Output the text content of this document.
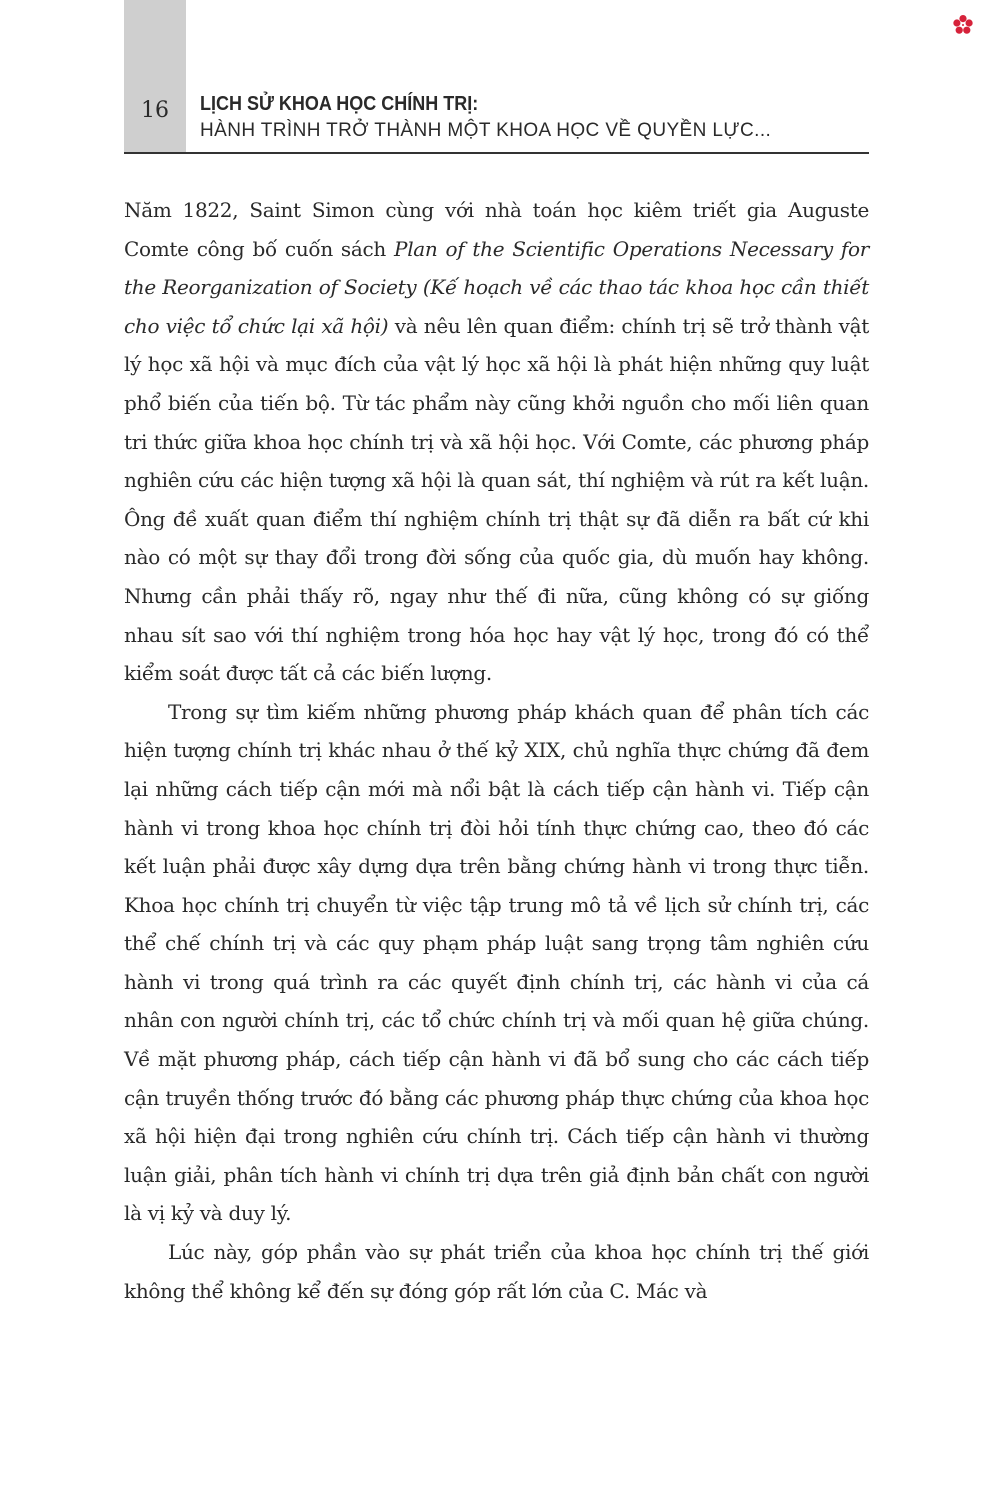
16	LỊCH SỬ KHOA HỌC CHÍNH TRỊ:
HÀNH TRÌNH TRỞ THÀNH MỘT KHOA HỌC VỀ QUYỀN LỰC...

Năm 1822, Saint Simon cùng với nhà toán học kiêm triết gia Auguste Comte công bố cuốn sách Plan of the Scientific Operations Necessary for the Reorganization of Society (Kế hoạch về các thao tác khoa học cần thiết cho việc tổ chức lại xã hội) và nêu lên quan điểm: chính trị sẽ trở thành vật lý học xã hội và mục đích của vật lý học xã hội là phát hiện những quy luật phổ biến của tiến bộ. Từ tác phẩm này cũng khởi nguồn cho mối liên quan tri thức giữa khoa học chính trị và xã hội học. Với Comte, các phương pháp nghiên cứu các hiện tượng xã hội là quan sát, thí nghiệm và rút ra kết luận. Ông đề xuất quan điểm thí nghiệm chính trị thật sự đã diễn ra bất cứ khi nào có một sự thay đổi trong đời sống của quốc gia, dù muốn hay không. Nhưng cần phải thấy rõ, ngay như thế đi nữa, cũng không có sự giống nhau sít sao với thí nghiệm trong hóa học hay vật lý học, trong đó có thể kiểm soát được tất cả các biến lượng.

Trong sự tìm kiếm những phương pháp khách quan để phân tích các hiện tượng chính trị khác nhau ở thế kỷ XIX, chủ nghĩa thực chứng đã đem lại những cách tiếp cận mới mà nổi bật là cách tiếp cận hành vi. Tiếp cận hành vi trong khoa học chính trị đòi hỏi tính thực chứng cao, theo đó các kết luận phải được xây dựng dựa trên bằng chứng hành vi trong thực tiễn. Khoa học chính trị chuyển từ việc tập trung mô tả về lịch sử chính trị, các thể chế chính trị và các quy phạm pháp luật sang trọng tâm nghiên cứu hành vi trong quá trình ra các quyết định chính trị, các hành vi của cá nhân con người chính trị, các tổ chức chính trị và mối quan hệ giữa chúng. Về mặt phương pháp, cách tiếp cận hành vi đã bổ sung cho các cách tiếp cận truyền thống trước đó bằng các phương pháp thực chứng của khoa học xã hội hiện đại trong nghiên cứu chính trị. Cách tiếp cận hành vi thường luận giải, phân tích hành vi chính trị dựa trên giả định bản chất con người là vị kỷ và duy lý.

Lúc này, góp phần vào sự phát triển của khoa học chính trị thế giới không thể không kể đến sự đóng góp rất lớn của C. Mác và
